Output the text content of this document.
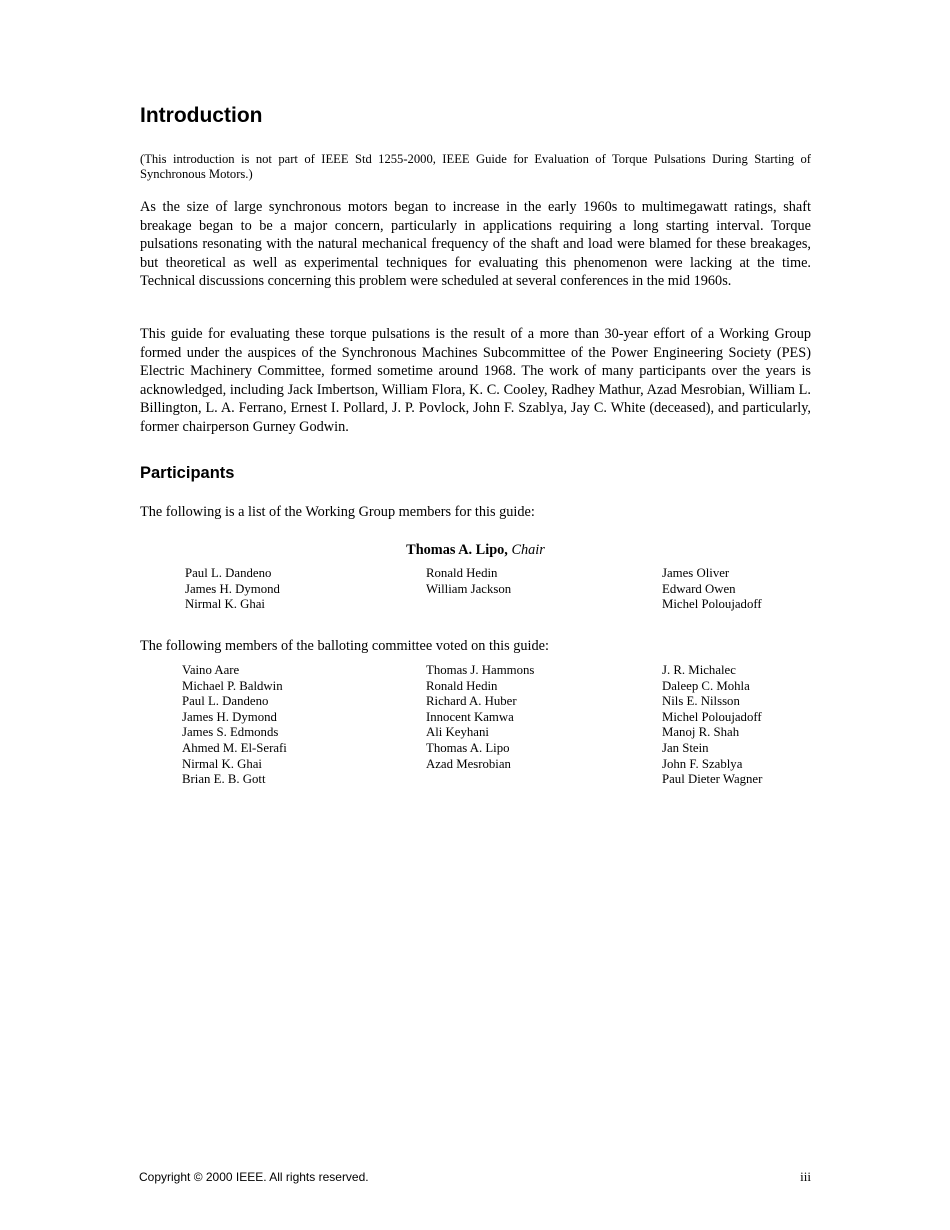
Introduction

(This introduction is not part of IEEE Std 1255-2000, IEEE Guide for Evaluation of Torque Pulsations During Starting of Synchronous Motors.)

As the size of large synchronous motors began to increase in the early 1960s to multimegawatt ratings, shaft breakage began to be a major concern, particularly in applications requiring a long starting interval. Torque pulsations resonating with the natural mechanical frequency of the shaft and load were blamed for these breakages, but theoretical as well as experimental techniques for evaluating this phenomenon were lacking at the time. Technical discussions concerning this problem were scheduled at several conferences in the mid 1960s.

This guide for evaluating these torque pulsations is the result of a more than 30-year effort of a Working Group formed under the auspices of the Synchronous Machines Subcommittee of the Power Engineering Society (PES) Electric Machinery Committee, formed sometime around 1968. The work of many participants over the years is acknowledged, including Jack Imbertson, William Flora, K. C. Cooley, Radhey Mathur, Azad Mesrobian, William L. Billington, L. A. Ferrano, Ernest I. Pollard, J. P. Povlock, John F. Szablya, Jay C. White (deceased), and particularly, former chairperson Gurney Godwin.

Participants

The following is a list of the Working Group members for this guide:

Thomas A. Lipo, Chair
Paul L. Dandeno
James H. Dymond
Nirmal K. Ghai
Ronald Hedin
William Jackson
James Oliver
Edward Owen
Michel Poloujadoff

The following members of the balloting committee voted on this guide:

Vaino Aare
Michael P. Baldwin
Paul L. Dandeno
James H. Dymond
James S. Edmonds
Ahmed M. El-Serafi
Nirmal K. Ghai
Brian E. B. Gott
Thomas J. Hammons
Ronald Hedin
Richard A. Huber
Innocent Kamwa
Ali Keyhani
Thomas A. Lipo
Azad Mesrobian
J. R. Michalec
Daleep C. Mohla
Nils E. Nilsson
Michel Poloujadoff
Manoj R. Shah
Jan Stein
John F. Szablya
Paul Dieter Wagner
Copyright © 2000 IEEE. All rights reserved.	iii
